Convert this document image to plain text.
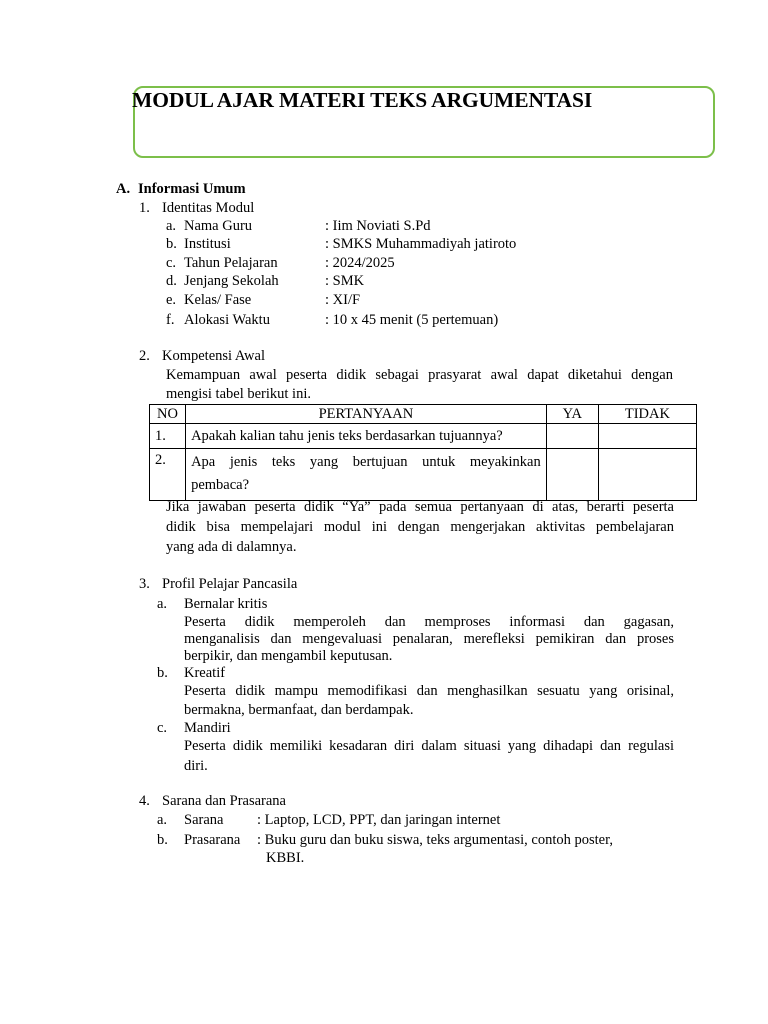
MODUL AJAR MATERI TEKS ARGUMENTASI
A. Informasi Umum
1. Identitas Modul
a. Nama Guru	: Iim Noviati S.Pd
b. Institusi	: SMKS Muhammadiyah jatiroto
c. Tahun Pelajaran	: 2024/2025
d. Jenjang Sekolah	: SMK
e. Kelas/ Fase	: XI/F
f. Alokasi Waktu	: 10 x 45 menit (5 pertemuan)
2. Kompetensi Awal
Kemampuan awal peserta didik sebagai prasyarat awal dapat diketahui dengan
mengisi tabel berikut ini.
NO	PERTANYAAN	YA	TIDAK
1.	Apakah kalian tahu jenis teks berdasarkan tujuannya?		
2.	Apa jenis teks yang bertujuan untuk meyakinkan
pembaca?		

Jika jawaban peserta didik “Ya” pada semua pertanyaan di atas, berarti peserta
didik bisa mempelajari modul ini dengan mengerjakan aktivitas pembelajaran
yang ada di dalamnya.
3. Profil Pelajar Pancasila
a. Bernalar kritis
Peserta didik memperoleh dan memproses informasi dan gagasan,
menganalisis dan mengevaluasi penalaran, merefleksi pemikiran dan proses
berpikir, dan mengambil keputusan.
b. Kreatif
Peserta didik mampu memodifikasi dan menghasilkan sesuatu yang orisinal,
bermakna, bermanfaat, dan berdampak.
c. Mandiri
Peserta didik memiliki kesadaran diri dalam situasi yang dihadapi dan regulasi
diri.
4. Sarana dan Prasarana
a. Sarana : Laptop, LCD, PPT, dan jaringan internet
b. Prasarana : Buku guru dan buku siswa, teks argumentasi, contoh poster,
KBBI.
